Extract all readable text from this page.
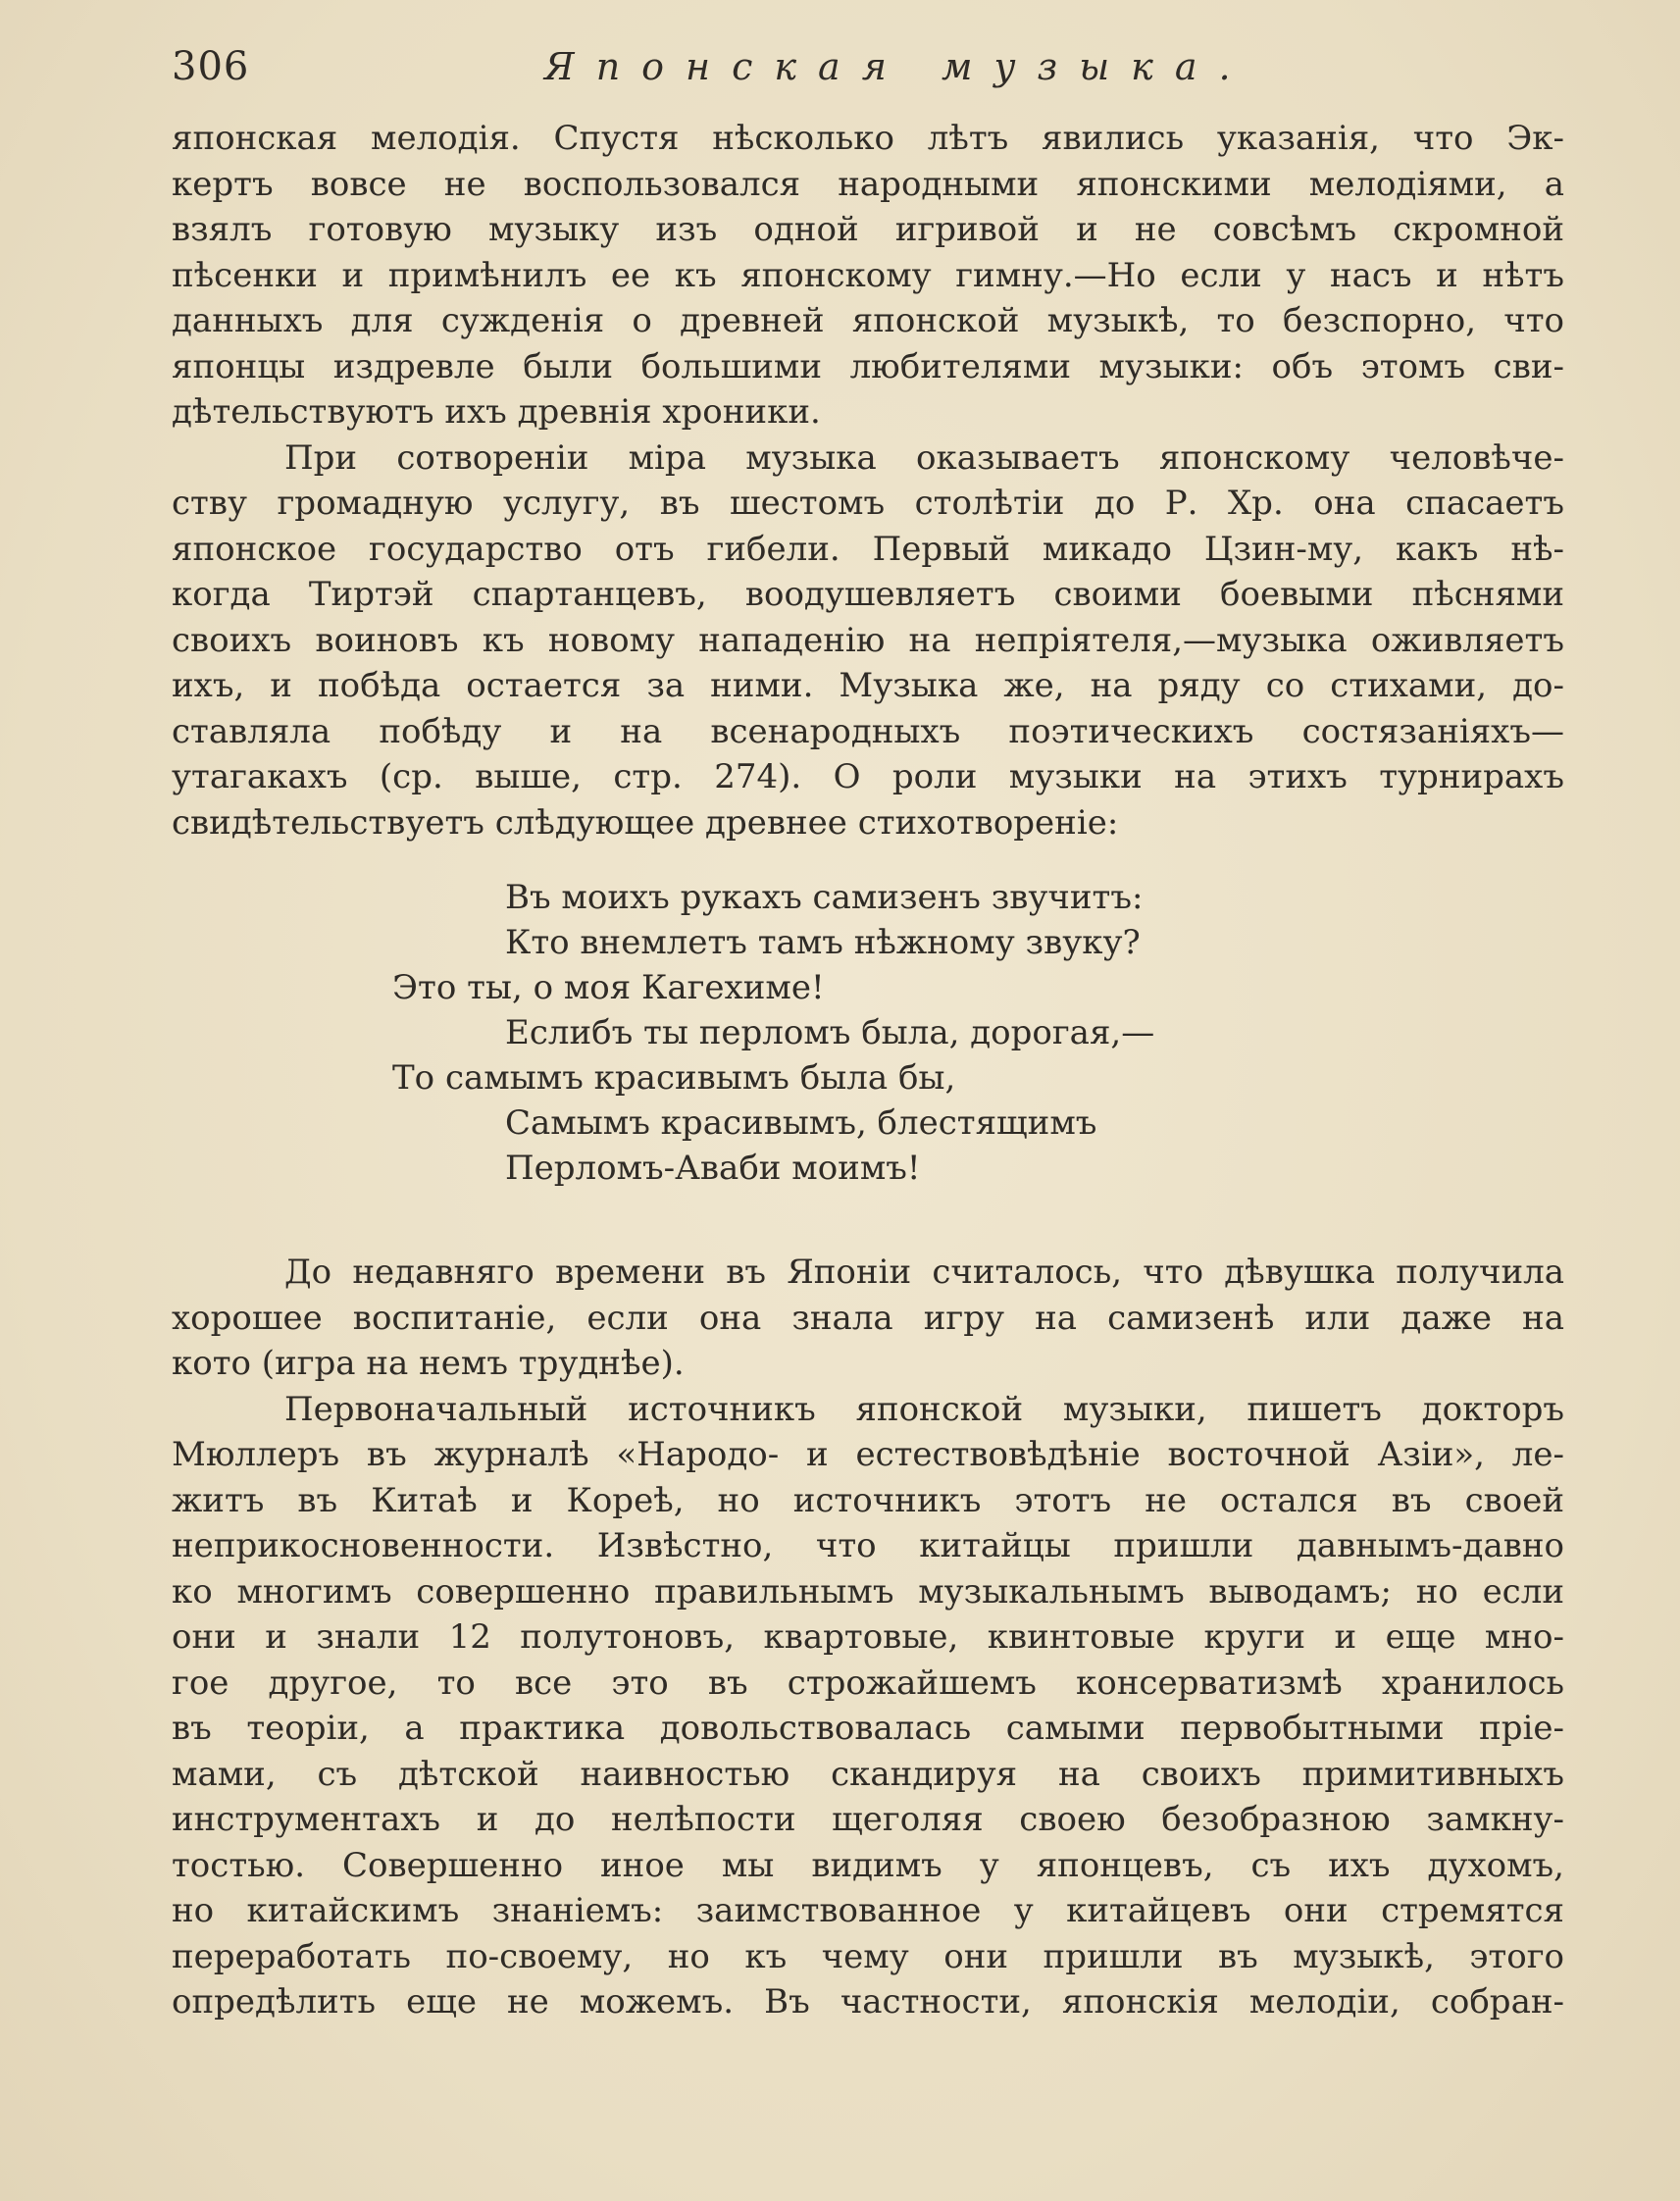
306	Японская музыка.
японская мелодія. Спустя нѣсколько лѣтъ явились указанія, что Эк-
кертъ вовсе не воспользовался народными японскими мелодіями, а
взялъ готовую музыку изъ одной игривой и не совсѣмъ скромной
пѣсенки и примѣнилъ ее къ японскому гимну.—Но если у насъ и нѣтъ
данныхъ для сужденія о древней японской музыкѣ, то безспорно, что
японцы издревле были большими любителями музыки: объ этомъ сви-
дѣтельствуютъ ихъ древнія хроники.
При сотвореніи міра музыка оказываетъ японскому человѣче-
ству громадную услугу, въ шестомъ столѣтіи до Р. Хр. она спасаетъ
японское государство отъ гибели. Первый микадо Цзин-му, какъ нѣ-
когда Тиртэй спартанцевъ, воодушевляетъ своими боевыми пѣснями
своихъ воиновъ къ новому нападенію на непріятеля,—музыка оживляетъ
ихъ, и побѣда остается за ними. Музыка же, на ряду со стихами, до-
ставляла побѣду и на всенародныхъ поэтическихъ состязаніяхъ—
утагакахъ (ср. выше, стр. 274). О роли музыки на этихъ турнирахъ
свидѣтельствуетъ слѣдующее древнее стихотвореніе:
Въ моихъ рукахъ самизенъ звучитъ:
Кто внемлетъ тамъ нѣжному звуку?
Это ты, о моя Кагехиме!
Еслибъ ты перломъ была, дорогая,—
То самымъ красивымъ была бы,
Самымъ красивымъ, блестящимъ
Перломъ-Аваби моимъ!
До недавняго времени въ Японіи считалось, что дѣвушка получила
хорошее воспитаніе, если она знала игру на самизенѣ или даже на
кото (игра на немъ труднѣе).
Первоначальный источникъ японской музыки, пишетъ докторъ
Мюллеръ въ журналѣ «Народо- и естествовѣдѣніе восточной Азіи», ле-
житъ въ Китаѣ и Кореѣ, но источникъ этотъ не остался въ своей
неприкосновенности. Извѣстно, что китайцы пришли давнымъ-давно
ко многимъ совершенно правильнымъ музыкальнымъ выводамъ; но если
они и знали 12 полутоновъ, квартовые, квинтовые круги и еще мно-
гое другое, то все это въ строжайшемъ консерватизмѣ хранилось
въ теоріи, а практика довольствовалась самыми первобытными пріе-
мами, съ дѣтской наивностью скандируя на своихъ примитивныхъ
инструментахъ и до нелѣпости щеголяя своею безобразною замкну-
тостью. Совершенно иное мы видимъ у японцевъ, съ ихъ духомъ,
но китайскимъ знаніемъ: заимствованное у китайцевъ они стремятся
переработать по-своему, но къ чему они пришли въ музыкѣ, этого
опредѣлить еще не можемъ. Въ частности, японскія мелодіи, собран-
